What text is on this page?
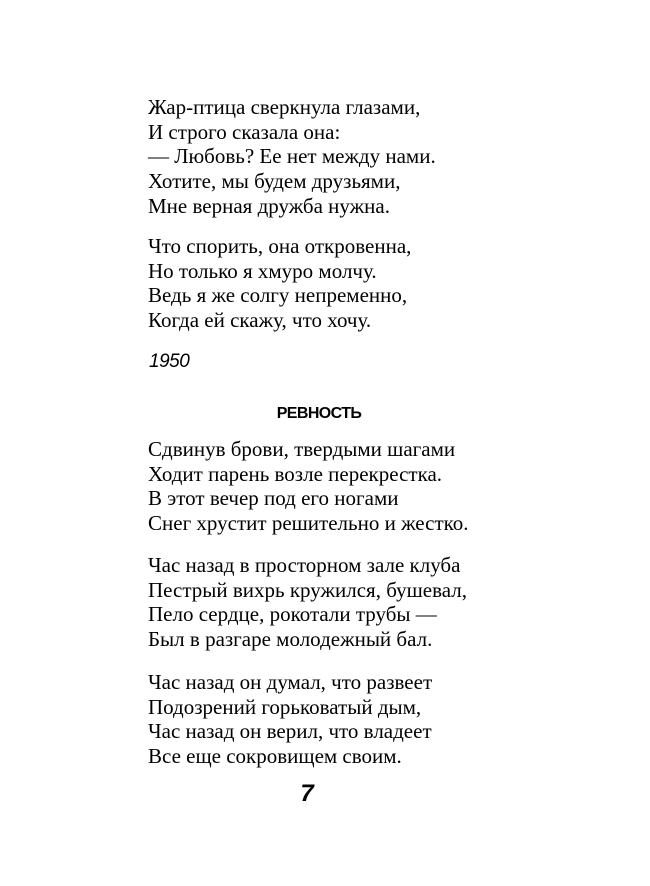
Жар-птица сверкнула глазами,
И строго сказала она:
— Любовь? Ее нет между нами.
Хотите, мы будем друзьями,
Мне верная дружба нужна.
Что спорить, она откровенна,
Но только я хмуро молчу.
Ведь я же солгу непременно,
Когда ей скажу, что хочу.
1950
РЕВНОСТЬ
Сдвинув брови, твердыми шагами
Ходит парень возле перекрестка.
В этот вечер под его ногами
Снег хрустит решительно и жестко.
Час назад в просторном зале клуба
Пестрый вихрь кружился, бушевал,
Пело сердце, рокотали трубы —
Был в разгаре молодежный бал.
Час назад он думал, что развеет
Подозрений горьковатый дым,
Час назад он верил, что владеет
Все еще сокровищем своим.
7
